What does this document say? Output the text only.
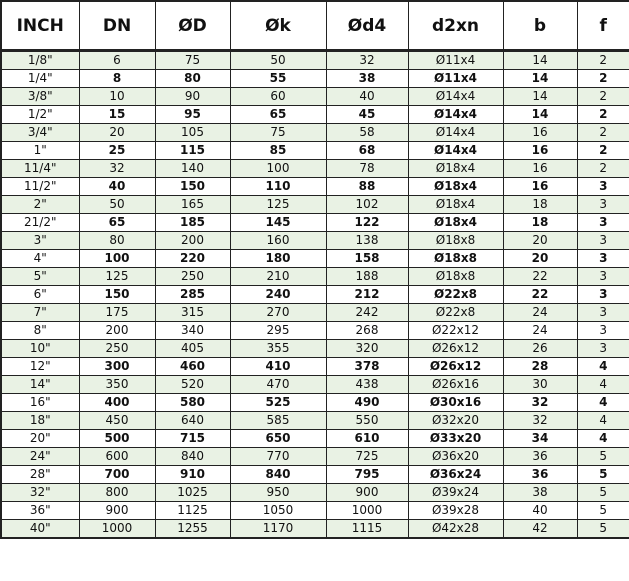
INCH	DN	ØD	Øk	Ød4	d2xn	b	f
1/8"	6	75	50	32	Ø11x4	14	2
1/4"	8	80	55	38	Ø11x4	14	2
3/8"	10	90	60	40	Ø14x4	14	2
1/2"	15	95	65	45	Ø14x4	14	2
3/4"	20	105	75	58	Ø14x4	16	2
1"	25	115	85	68	Ø14x4	16	2
11/4"	32	140	100	78	Ø18x4	16	2
11/2"	40	150	110	88	Ø18x4	16	3
2"	50	165	125	102	Ø18x4	18	3
21/2"	65	185	145	122	Ø18x4	18	3
3"	80	200	160	138	Ø18x8	20	3
4"	100	220	180	158	Ø18x8	20	3
5"	125	250	210	188	Ø18x8	22	3
6"	150	285	240	212	Ø22x8	22	3
7"	175	315	270	242	Ø22x8	24	3
8"	200	340	295	268	Ø22x12	24	3
10"	250	405	355	320	Ø26x12	26	3
12"	300	460	410	378	Ø26x12	28	4
14"	350	520	470	438	Ø26x16	30	4
16"	400	580	525	490	Ø30x16	32	4
18"	450	640	585	550	Ø32x20	32	4
20"	500	715	650	610	Ø33x20	34	4
24"	600	840	770	725	Ø36x20	36	5
28"	700	910	840	795	Ø36x24	36	5
32"	800	1025	950	900	Ø39x24	38	5
36"	900	1125	1050	1000	Ø39x28	40	5
40"	1000	1255	1170	1115	Ø42x28	42	5
